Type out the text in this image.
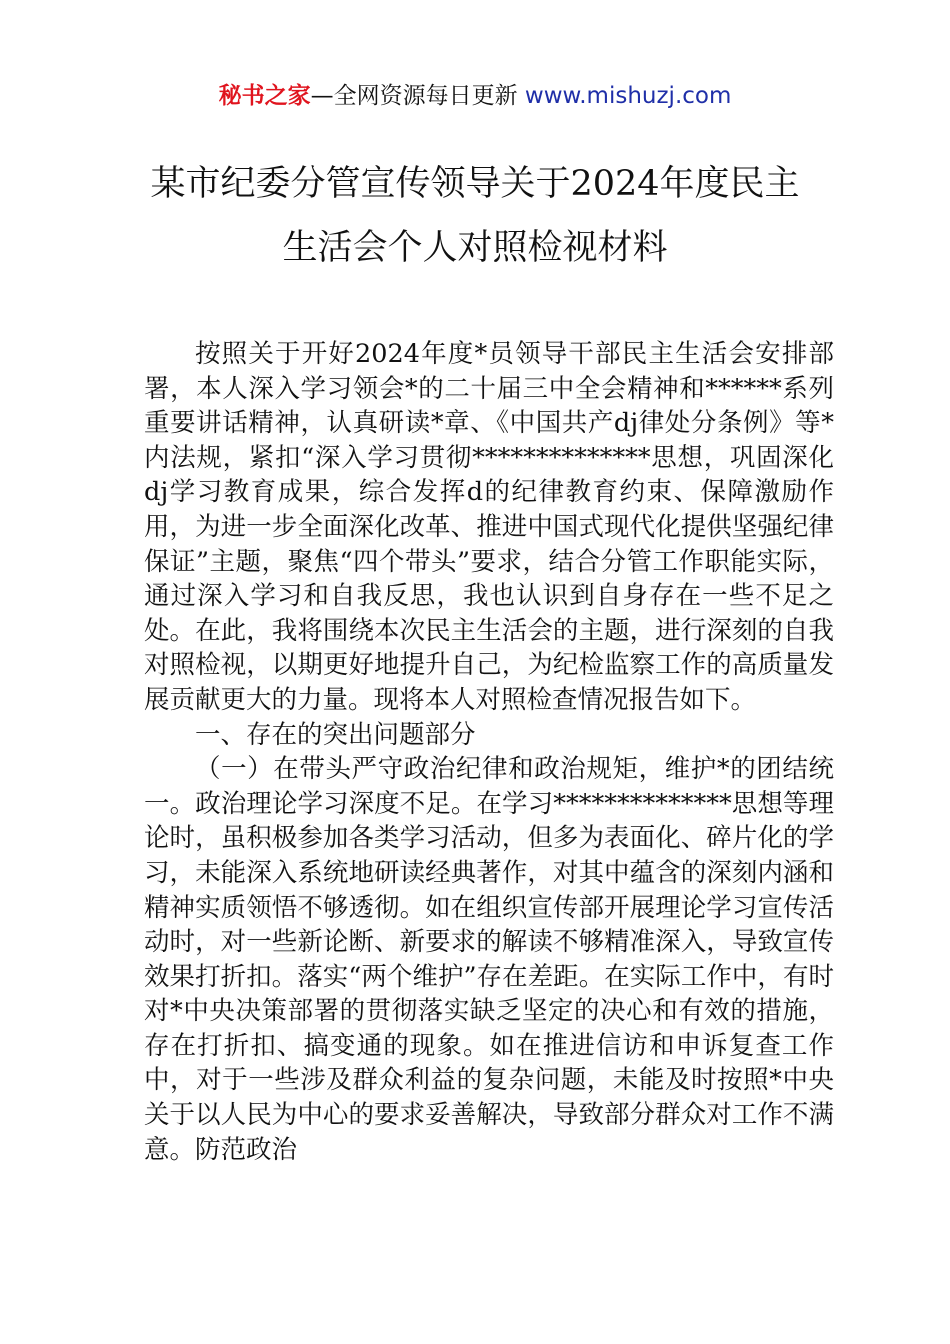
秘书之家—全网资源每日更新 www.mishuzj.com
某市纪委分管宣传领导关于2024年度民主
生活会个人对照检视材料

按照关于开好2024年度*员领导干部民主生活会安排部署，本人深入学习领会*的二十届三中全会精神和******系列重要讲话精神，认真研读*章、《中国共产dj律处分条例》等*内法规，紧扣“深入学习贯彻**************思想，巩固深化dj学习教育成果，综合发挥d的纪律教育约束、保障激励作用，为进一步全面深化改革、推进中国式现代化提供坚强纪律保证”主题，聚焦“四个带头”要求，结合分管工作职能实际，通过深入学习和自我反思，我也认识到自身存在一些不足之处。在此，我将围绕本次民主生活会的主题，进行深刻的自我对照检视，以期更好地提升自己，为纪检监察工作的高质量发展贡献更大的力量。现将本人对照检查情况报告如下。

一、存在的突出问题部分

（一）在带头严守政治纪律和政治规矩，维护*的团结统一。政治理论学习深度不足。在学习**************思想等理论时，虽积极参加各类学习活动，但多为表面化、碎片化的学习，未能深入系统地研读经典著作，对其中蕴含的深刻内涵和精神实质领悟不够透彻。如在组织宣传部开展理论学习宣传活动时，对一些新论断、新要求的解读不够精准深入，导致宣传效果打折扣。落实“两个维护”存在差距。在实际工作中，有时对*中央决策部署的贯彻落实缺乏坚定的决心和有效的措施，存在打折扣、搞变通的现象。如在推进信访和申诉复查工作中，对于一些涉及群众利益的复杂问题，未能及时按照*中央关于以人民为中心的要求妥善解决，导致部分群众对工作不满意。防范政治
